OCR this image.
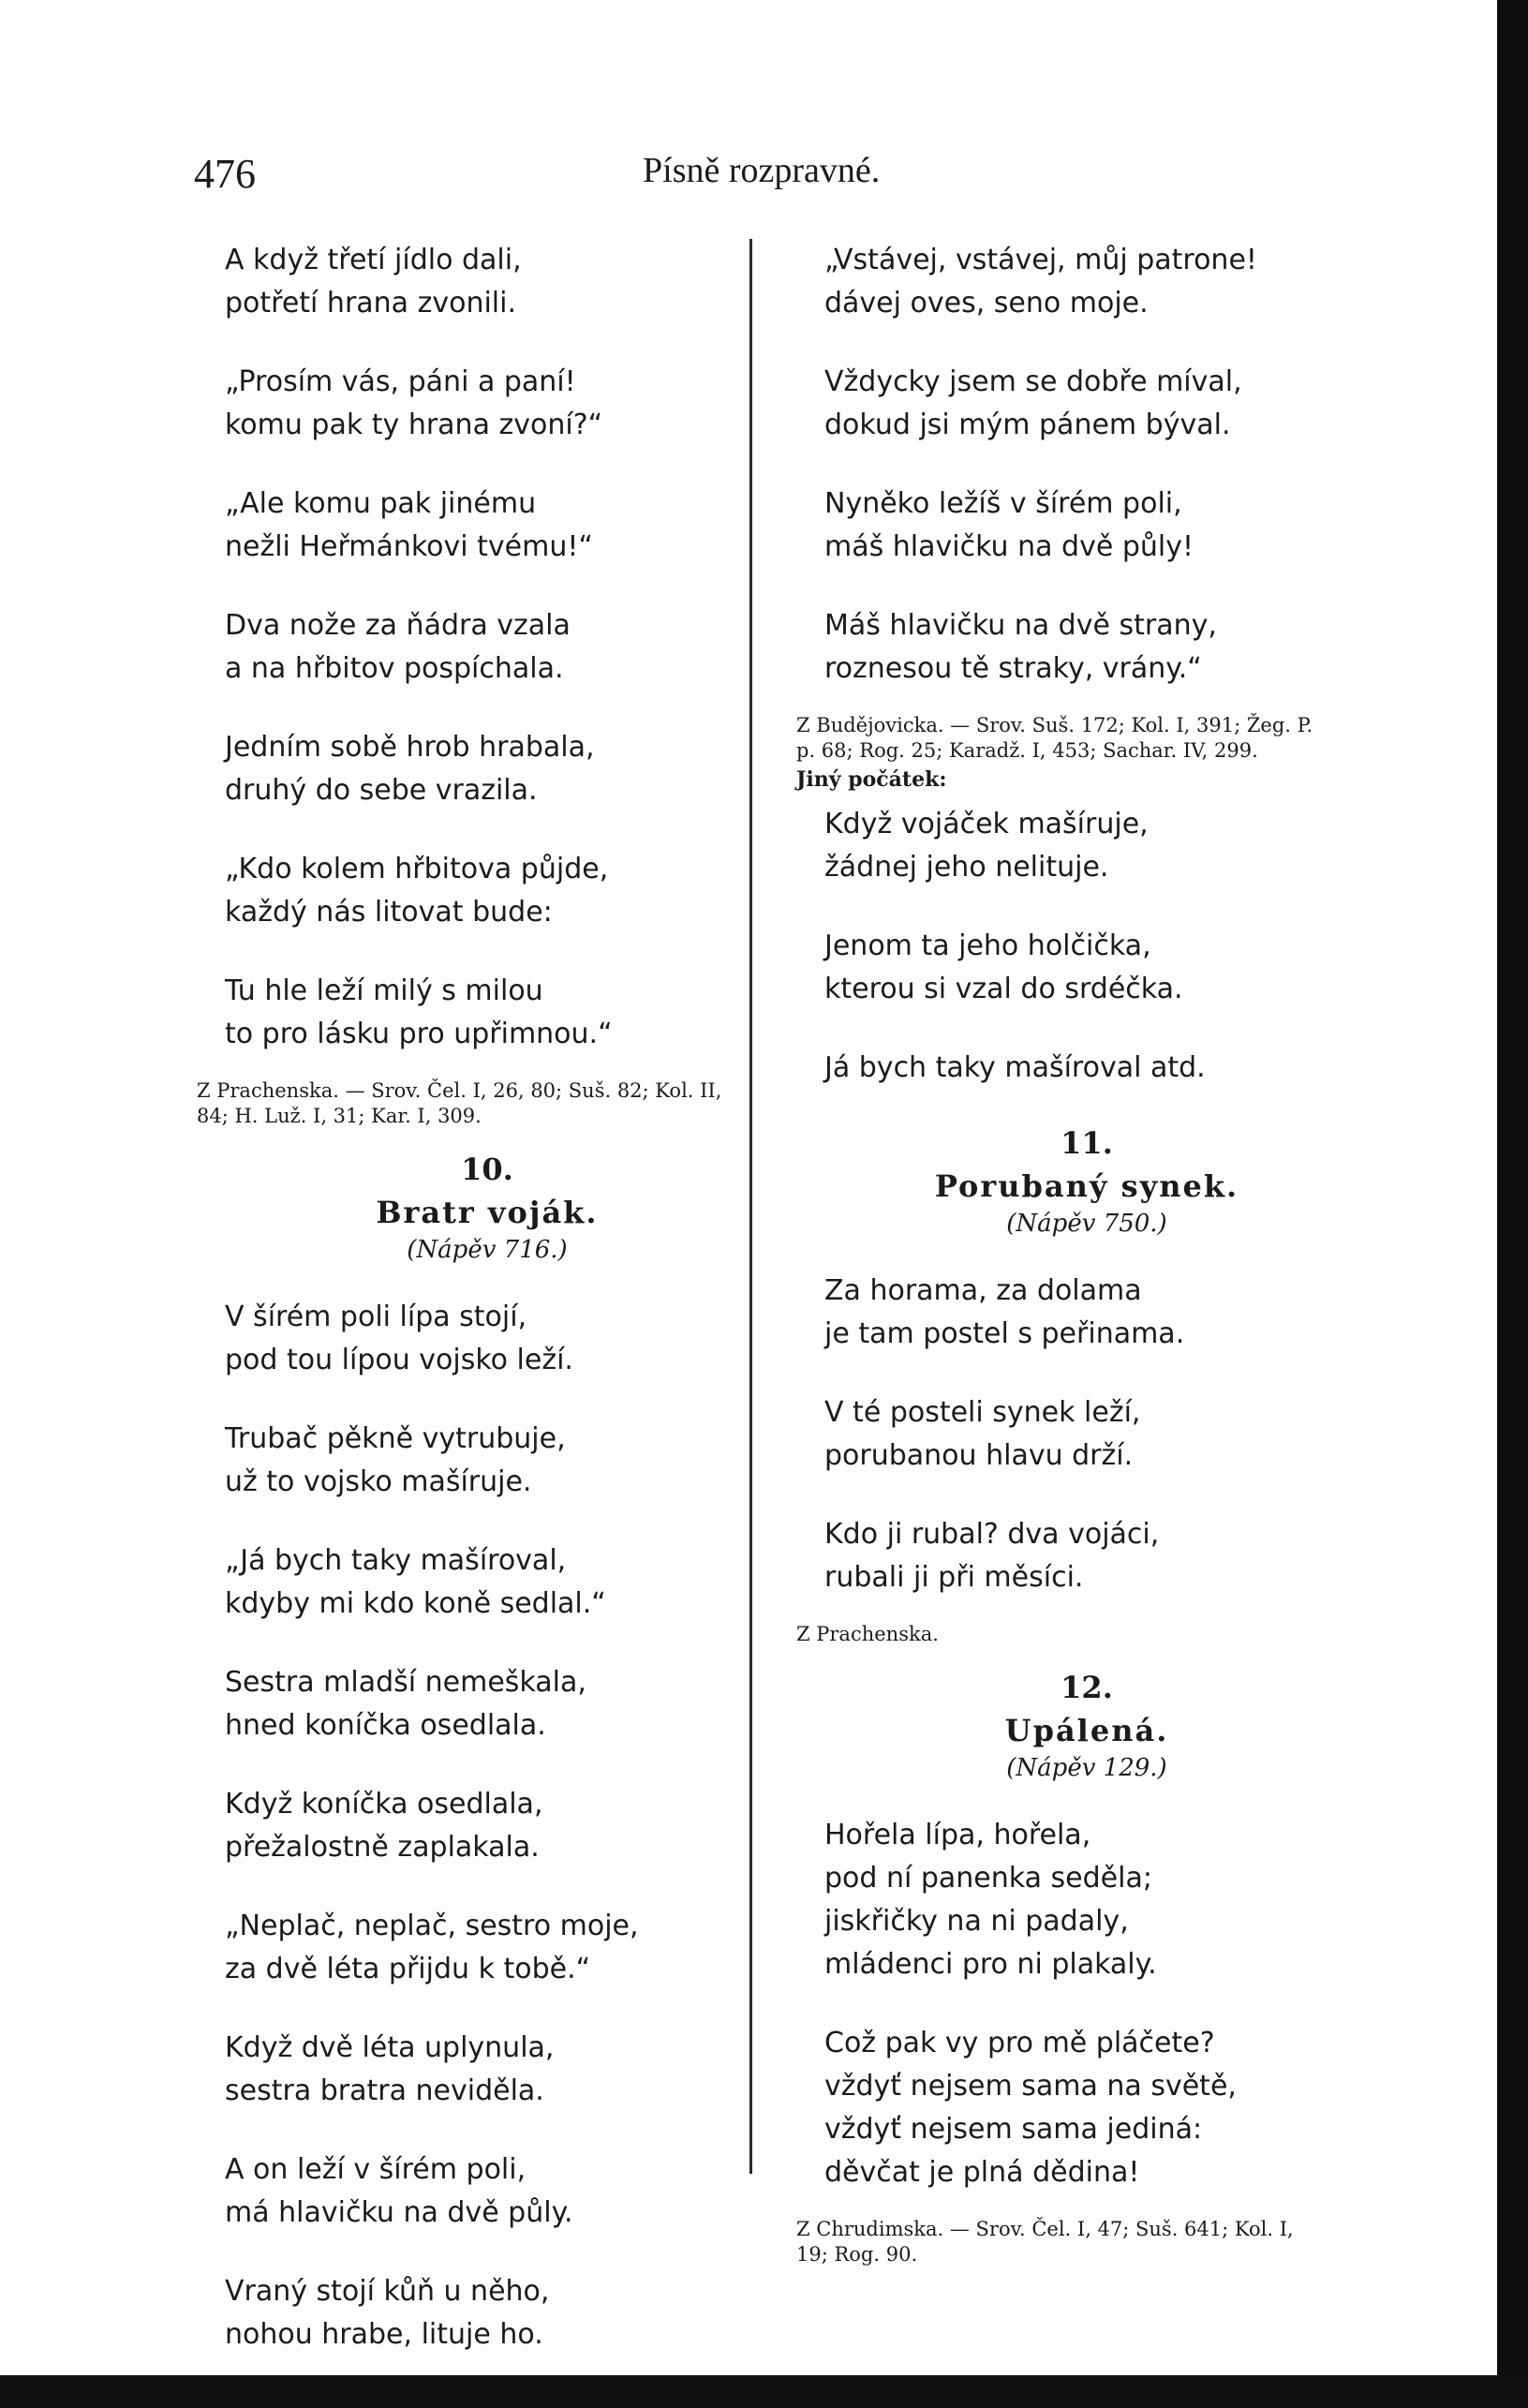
476	Písně rozpravné.
A když třetí jídlo dali,
potřetí hrana zvonili.
„Prosím vás, páni a paní!
komu pak ty hrana zvoní?“
„Ale komu pak jinému
nežli Heřmánkovi tvému!“
Dva nože za ňádra vzala
a na hřbitov pospíchala.
Jedním sobě hrob hrabala,
druhý do sebe vrazila.
„Kdo kolem hřbitova půjde,
každý nás litovat bude:
Tu hle leží milý s milou
to pro lásku pro upřimnou.“
Z Prachenska. — Srov. Čel. I, 26, 80; Suš. 82; Kol. II, 84; H. Luž. I, 31; Kar. I, 309.
10.
Bratr voják.
(Nápěv 716.)
V šírém poli lípa stojí,
pod tou lípou vojsko leží.
Trubač pěkně vytrubuje,
už to vojsko mašíruje.
„Já bych taky mašíroval,
kdyby mi kdo koně sedlal.“
Sestra mladší nemeškala,
hned koníčka osedlala.
Když koníčka osedlala,
přežalostně zaplakala.
„Neplač, neplač, sestro moje,
za dvě léta přijdu k tobě.“
Když dvě léta uplynula,
sestra bratra neviděla.
A on leží v šírém poli,
má hlavičku na dvě půly.
Vraný stojí kůň u něho,
nohou hrabe, lituje ho.
„Vstávej, vstávej, můj patrone!
dávej oves, seno moje.
Vždycky jsem se dobře míval,
dokud jsi mým pánem býval.
Nyněko ležíš v šírém poli,
máš hlavičku na dvě půly!
Máš hlavičku na dvě strany,
roznesou tě straky, vrány.“
Z Budějovicka. — Srov. Suš. 172; Kol. I, 391; Žeg. P. p. 68; Rog. 25; Karadž. I, 453; Sachar. IV, 299.
Jiný počátek:
Když vojáček mašíruje,
žádnej jeho nelituje.
Jenom ta jeho holčička,
kterou si vzal do srdéčka.
Já bych taky mašíroval atd.
11.
Porubaný synek.
(Nápěv 750.)
Za horama, za dolama
je tam postel s peřinama.
V té posteli synek leží,
porubanou hlavu drží.
Kdo ji rubal? dva vojáci,
rubali ji při měsíci.
Z Prachenska.
12.
Upálená.
(Nápěv 129.)
Hořela lípa, hořela,
pod ní panenka seděla;
jiskřičky na ni padaly,
mládenci pro ni plakaly.
Což pak vy pro mě pláčete?
vždyť nejsem sama na světě,
vždyť nejsem sama jediná:
děvčat je plná dědina!
Z Chrudimska. — Srov. Čel. I, 47; Suš. 641; Kol. I, 19; Rog. 90.
